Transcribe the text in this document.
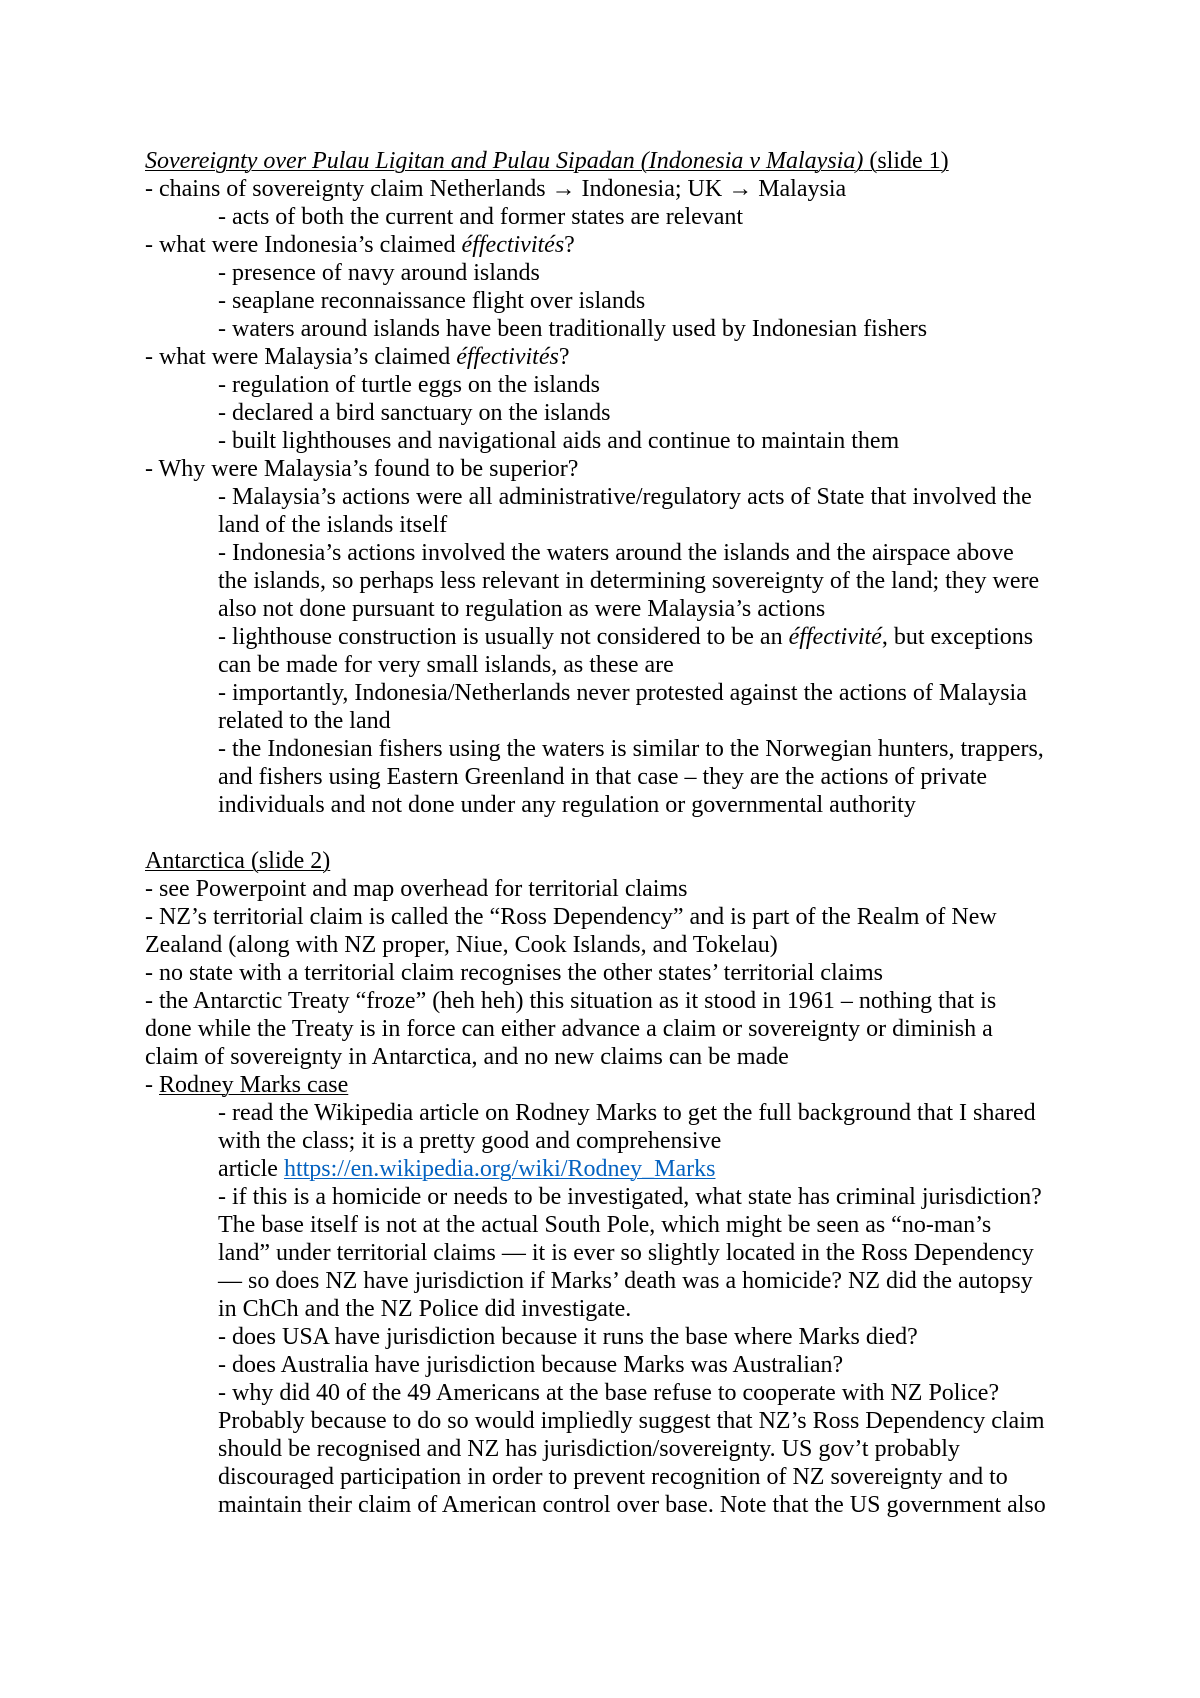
Sovereignty over Pulau Ligitan and Pulau Sipadan (Indonesia v Malaysia) (slide 1)
- chains of sovereignty claim Netherlands → Indonesia; UK → Malaysia
- acts of both the current and former states are relevant
- what were Indonesia’s claimed éffectivités?
- presence of navy around islands
- seaplane reconnaissance flight over islands
- waters around islands have been traditionally used by Indonesian fishers
- what were Malaysia’s claimed éffectivités?
- regulation of turtle eggs on the islands
- declared a bird sanctuary on the islands
- built lighthouses and navigational aids and continue to maintain them
- Why were Malaysia’s found to be superior?
- Malaysia’s actions were all administrative/regulatory acts of State that involved the
land of the islands itself
- Indonesia’s actions involved the waters around the islands and the airspace above
the islands, so perhaps less relevant in determining sovereignty of the land; they were
also not done pursuant to regulation as were Malaysia’s actions
- lighthouse construction is usually not considered to be an éffectivité, but exceptions
can be made for very small islands, as these are
- importantly, Indonesia/Netherlands never protested against the actions of Malaysia
related to the land
- the Indonesian fishers using the waters is similar to the Norwegian hunters, trappers,
and fishers using Eastern Greenland in that case – they are the actions of private
individuals and not done under any regulation or governmental authority
Antarctica (slide 2)
- see Powerpoint and map overhead for territorial claims
- NZ’s territorial claim is called the “Ross Dependency” and is part of the Realm of New
Zealand (along with NZ proper, Niue, Cook Islands, and Tokelau)
- no state with a territorial claim recognises the other states’ territorial claims
- the Antarctic Treaty “froze” (heh heh) this situation as it stood in 1961 – nothing that is
done while the Treaty is in force can either advance a claim or sovereignty or diminish a
claim of sovereignty in Antarctica, and no new claims can be made
- Rodney Marks case
- read the Wikipedia article on Rodney Marks to get the full background that I shared
with the class; it is a pretty good and comprehensive
article https://en.wikipedia.org/wiki/Rodney_Marks
- if this is a homicide or needs to be investigated, what state has criminal jurisdiction?
The base itself is not at the actual South Pole, which might be seen as “no-man’s
land” under territorial claims — it is ever so slightly located in the Ross Dependency
— so does NZ have jurisdiction if Marks’ death was a homicide? NZ did the autopsy
in ChCh and the NZ Police did investigate.
- does USA have jurisdiction because it runs the base where Marks died?
- does Australia have jurisdiction because Marks was Australian?
- why did 40 of the 49 Americans at the base refuse to cooperate with NZ Police?
Probably because to do so would impliedly suggest that NZ’s Ross Dependency claim
should be recognised and NZ has jurisdiction/sovereignty. US gov’t probably
discouraged participation in order to prevent recognition of NZ sovereignty and to
maintain their claim of American control over base. Note that the US government also
